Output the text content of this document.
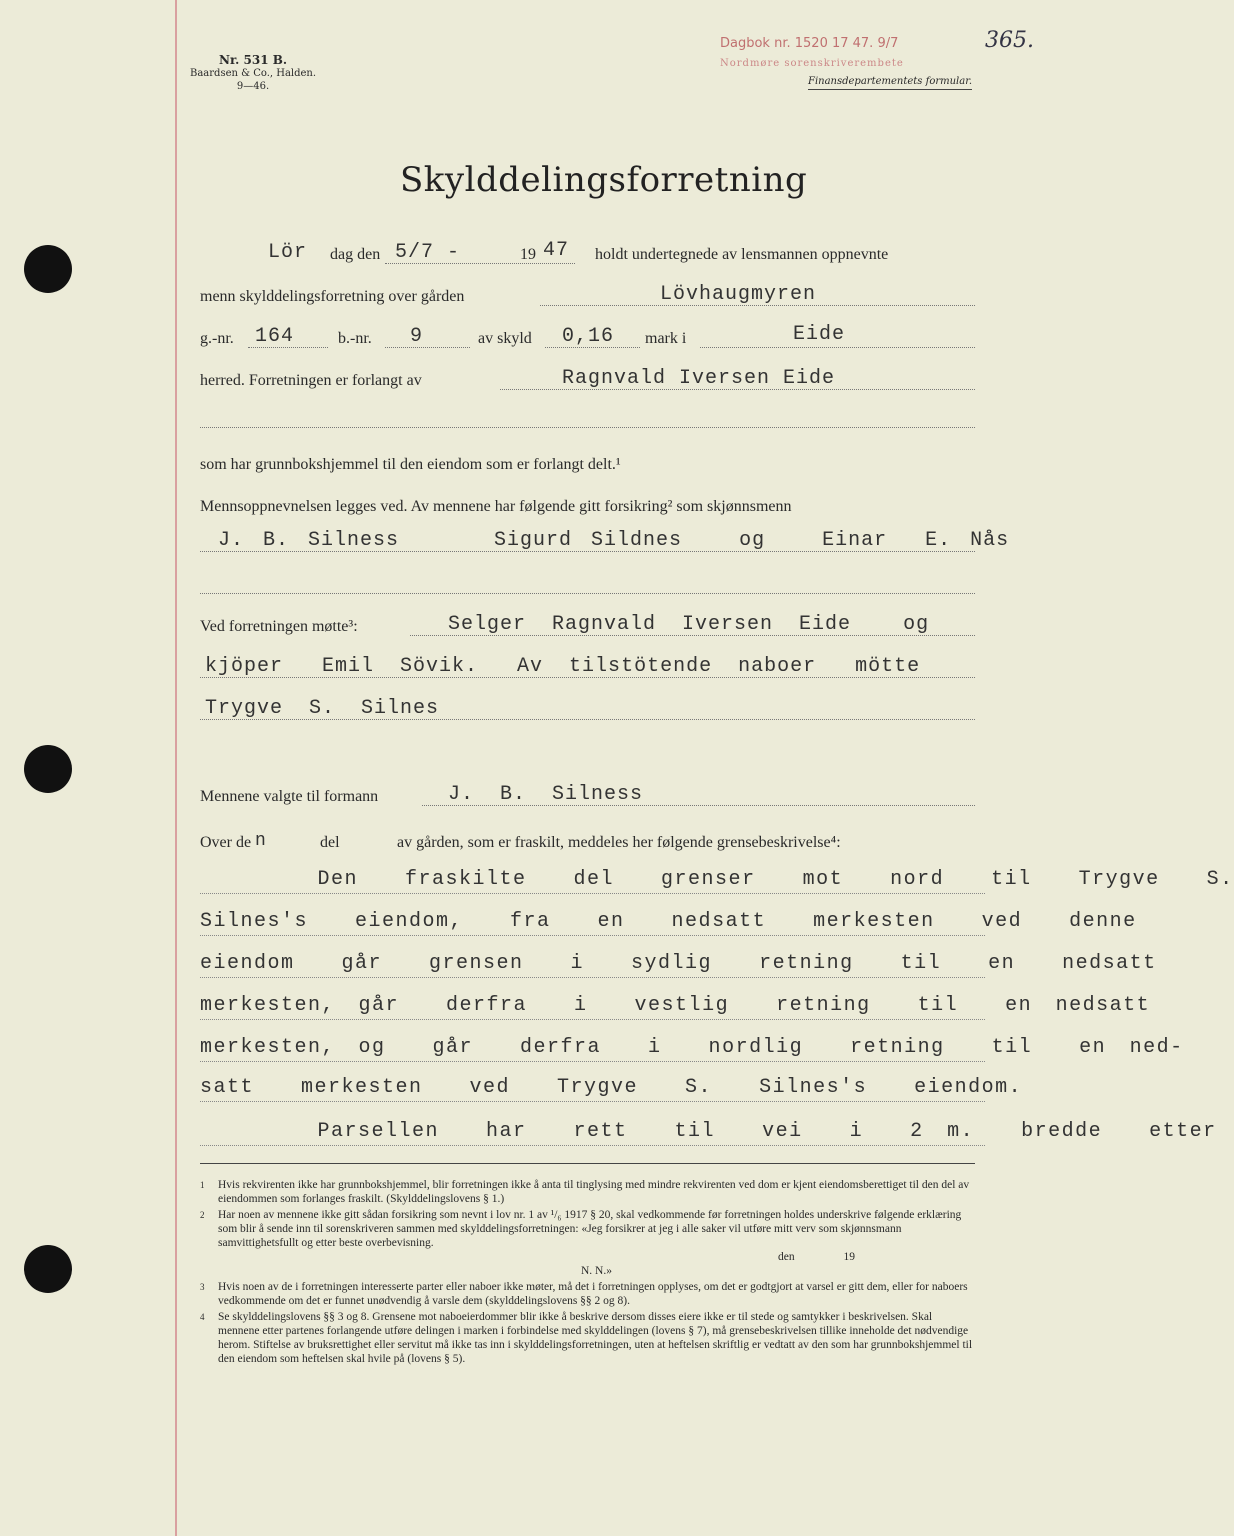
Nr. 531 B.
Baardsen & Co., Halden.
9—46.
Dagbok nr. 1520 17 47. 9/7
Nordmøre sorenskriverembete
Finansdepartementets formular.
365.
Skylddelingsforretning
Lör dag den 5/7 -	19 47 holdt undertegnede av lensmannen oppnevnte
menn skylddelingsforretning over gården	Lövhaugmyren
g.-nr. 164	b.-nr. 9	av skyld 0,16 mark i	Eide
herred. Forretningen er forlangt av	Ragnvald Iversen Eide
som har grunnbokshjemmel til den eiendom som er forlangt delt.¹
Mennsoppnevnelsen legges ved. Av mennene har følgende gitt forsikring² som skjønnsmenn
J. B. Silness     Sigurd Sildnes   og   Einar  E. Nås
Ved forretningen møtte³:	Selger  Ragnvald  Iversen  Eide    og
kjöper   Emil  Sövik.   Av  tilstötende  naboer   mötte
Trygve  S.  Silnes
Mennene valgte til formann	J.  B.  Silness
Over de n	del	av gården, som er fraskilt, meddeles her følgende grensebeskrivelse⁴:
Den  fraskilte  del  grenser  mot  nord  til  Trygve  S.
Silnes's  eiendom,  fra  en  nedsatt  merkesten  ved  denne
eiendom  går  grensen  i  sydlig  retning  til  en  nedsatt
merkesten, går  derfra  i  vestlig  retning  til  en nedsatt
merkesten, og  går  derfra  i  nordlig  retning  til  en ned-
satt  merkesten  ved  Trygve  S.  Silnes's  eiendom.
Parsellen  har  rett  til  vei  i  2 m.  bredde  etter
1 Hvis rekvirenten ikke har grunnbokshjemmel, blir forretningen ikke å anta til tinglysing med mindre rekvirenten ved dom er kjent eiendomsberettiget til den del av eiendommen som forlanges fraskilt. (Skylddelingslovens § 1.)
2 Har noen av mennene ikke gitt sådan forsikring som nevnt i lov nr. 1 av ¹/₆ 1917 § 20, skal vedkommende før forretningen holdes underskrive følgende erklæring som blir å sende inn til sorenskriveren sammen med skylddelingsforretningen: «Jeg forsikrer at jeg i alle saker vil utføre mitt verv som skjønnsmann samvittighetsfullt og etter beste overbevisning.
den                 19
N. N.»
3 Hvis noen av de i forretningen interesserte parter eller naboer ikke møter, må det i forretningen opplyses, om det er godtgjort at varsel er gitt dem, eller for naboers vedkommende om det er funnet unødvendig å varsle dem (skylddelingslovens §§ 2 og 8).
4 Se skylddelingslovens §§ 3 og 8. Grensene mot naboeierdommer blir ikke å beskrive dersom disses eiere ikke er til stede og samtykker i beskrivelsen. Skal mennene etter partenes forlangende utføre delingen i marken i forbindelse med skylddelingen (lovens § 7), må grensebeskrivelsen tillike inneholde det nødvendige herom. Stiftelse av bruksrettighet eller servitut må ikke tas inn i skylddelingsforretningen, uten at heftelsen skriftlig er vedtatt av den som har grunnbokshjemmel til den eiendom som heftelsen skal hvile på (lovens § 5).
